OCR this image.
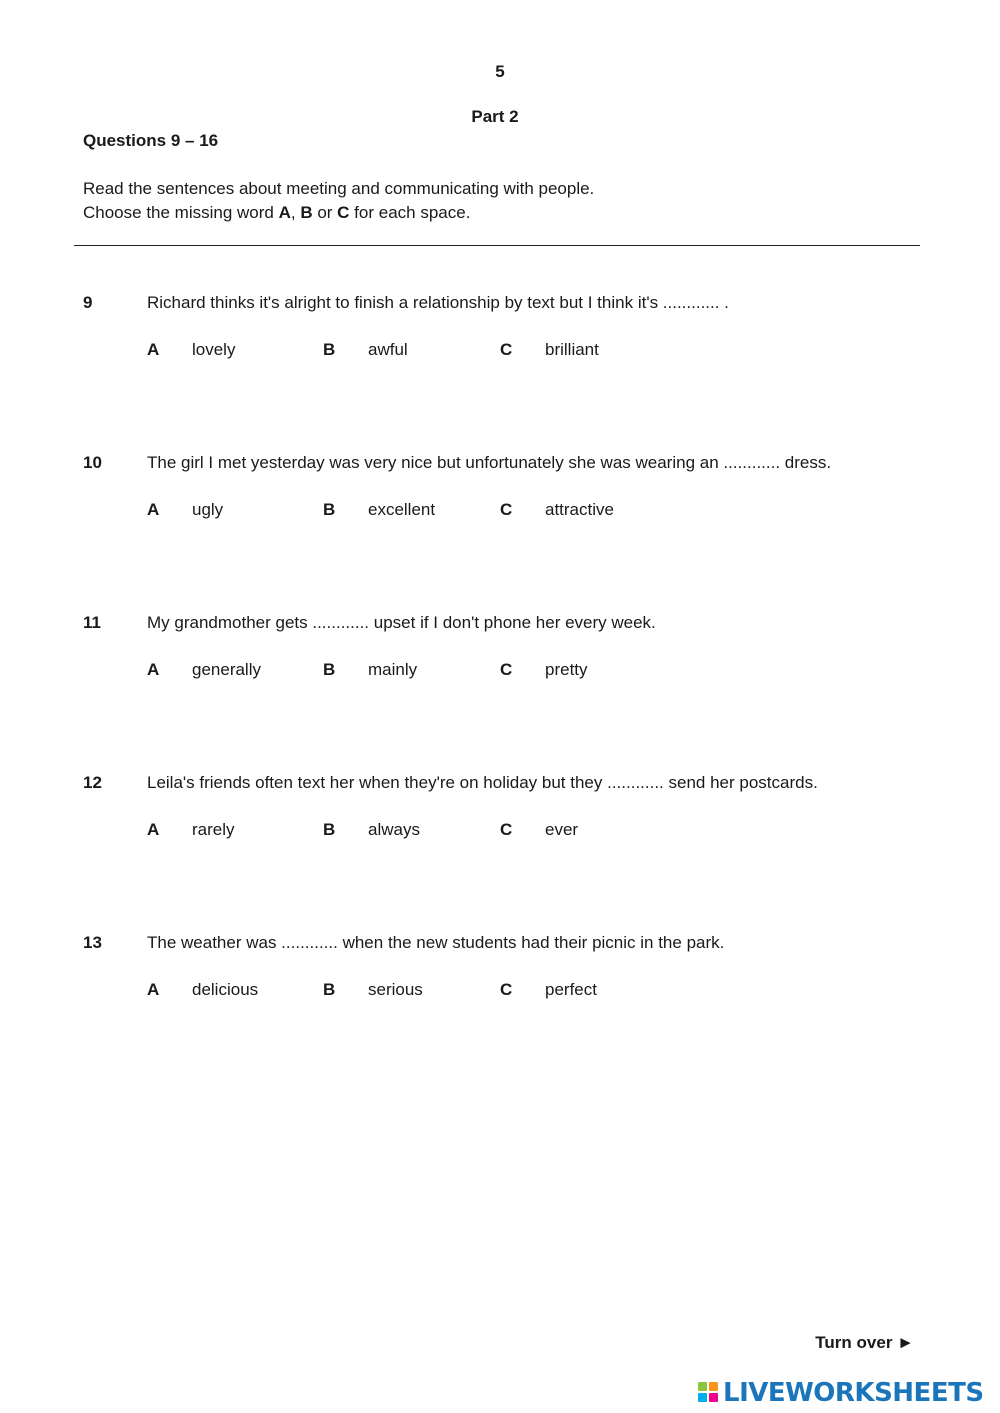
5
Part 2
Questions 9 – 16
Read the sentences about meeting and communicating with people.
Choose the missing word A, B or C for each space.
9	Richard thinks it's alright to finish a relationship by text but I think it's ............ .
A lovely	B awful	C brilliant
10	The girl I met yesterday was very nice but unfortunately she was wearing an ............ dress.
A ugly	B excellent	C attractive
11	My grandmother gets ............ upset if I don't phone her every week.
A generally	B mainly	C pretty
12	Leila's friends often text her when they're on holiday but they ............ send her postcards.
A rarely	B always	C ever
13	The weather was ............ when the new students had their picnic in the park.
A delicious	B serious	C perfect
Turn over ►
LIVEWORKSHEETS
